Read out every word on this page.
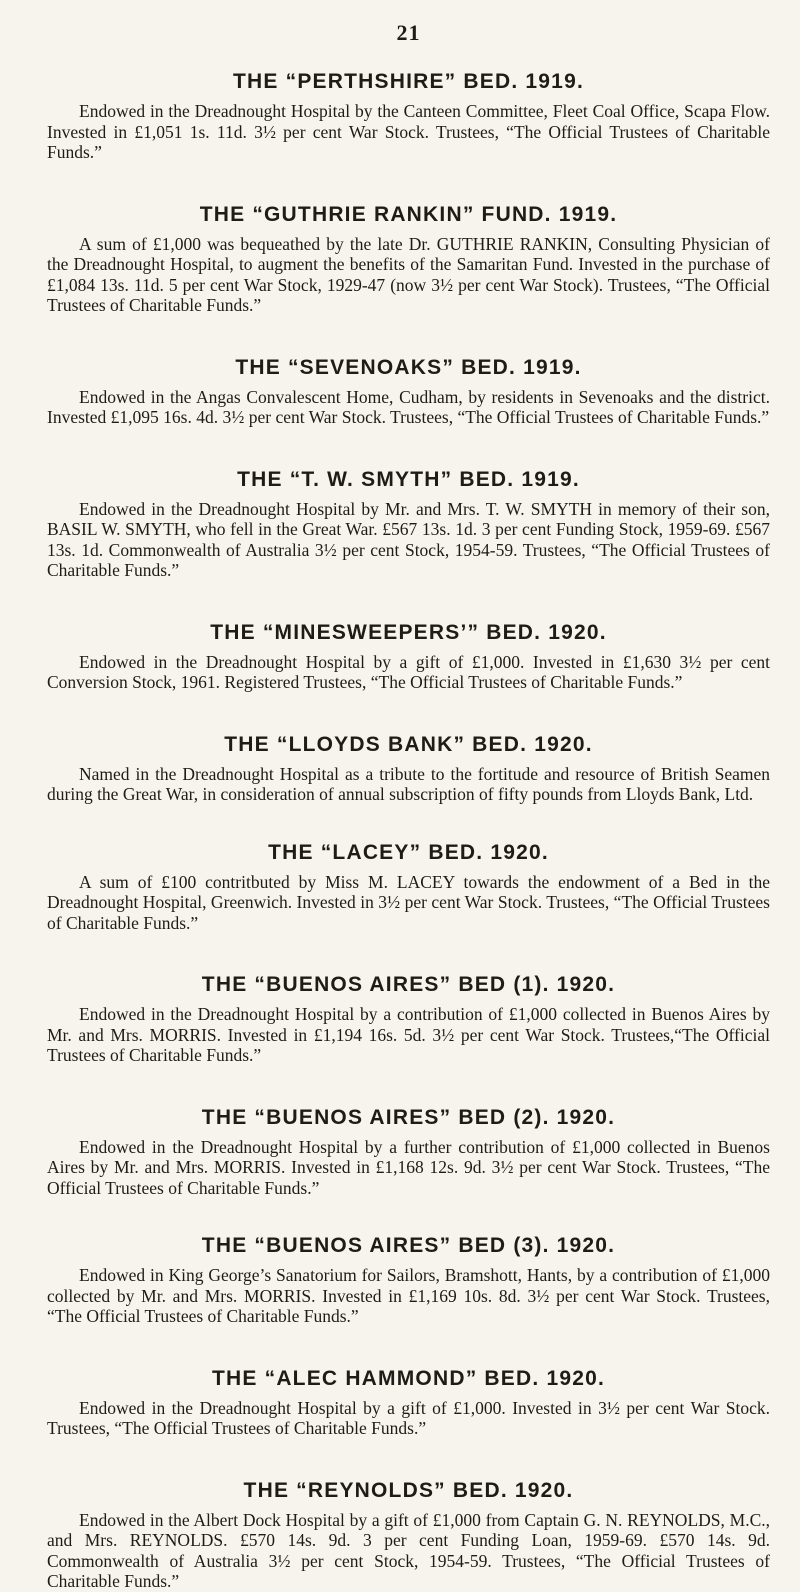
21
THE “PERTHSHIRE” BED. 1919.

Endowed in the Dreadnought Hospital by the Canteen Committee, Fleet Coal Office, Scapa Flow. Invested in £1,051 1s. 11d. 3½ per cent War Stock. Trustees, “The Official Trustees of Charitable Funds.”

THE “GUTHRIE RANKIN” FUND. 1919.

A sum of £1,000 was bequeathed by the late Dr. GUTHRIE RANKIN, Consulting Physician of the Dreadnought Hospital, to augment the benefits of the Samaritan Fund. Invested in the purchase of £1,084 13s. 11d. 5 per cent War Stock, 1929-47 (now 3½ per cent War Stock). Trustees, “The Official Trustees of Charitable Funds.”

THE “SEVENOAKS” BED. 1919.

Endowed in the Angas Convalescent Home, Cudham, by residents in Sevenoaks and the district. Invested £1,095 16s. 4d. 3½ per cent War Stock. Trustees, “The Official Trustees of Charitable Funds.”

THE “T. W. SMYTH” BED. 1919.

Endowed in the Dreadnought Hospital by Mr. and Mrs. T. W. SMYTH in memory of their son, BASIL W. SMYTH, who fell in the Great War. £567 13s. 1d. 3 per cent Funding Stock, 1959-69. £567 13s. 1d. Commonwealth of Australia 3½ per cent Stock, 1954-59. Trustees, “The Official Trustees of Charitable Funds.”

THE “MINESWEEPERS’” BED. 1920.

Endowed in the Dreadnought Hospital by a gift of £1,000. Invested in £1,630 3½ per cent Conversion Stock, 1961. Registered Trustees, “The Official Trustees of Charitable Funds.”

THE “LLOYDS BANK” BED. 1920.

Named in the Dreadnought Hospital as a tribute to the fortitude and resource of British Seamen during the Great War, in consideration of annual subscription of fifty pounds from Lloyds Bank, Ltd.

THE “LACEY” BED. 1920.

A sum of £100 contritbuted by Miss M. LACEY towards the endowment of a Bed in the Dreadnought Hospital, Greenwich. Invested in 3½ per cent War Stock. Trustees, “The Official Trustees of Charitable Funds.”

THE “BUENOS AIRES” BED (1). 1920.

Endowed in the Dreadnought Hospital by a contribution of £1,000 collected in Buenos Aires by Mr. and Mrs. MORRIS. Invested in £1,194 16s. 5d. 3½ per cent War Stock. Trustees,“The Official Trustees of Charitable Funds.”

THE “BUENOS AIRES” BED (2). 1920.

Endowed in the Dreadnought Hospital by a further contribution of £1,000 collected in Buenos Aires by Mr. and Mrs. MORRIS. Invested in £1,168 12s. 9d. 3½ per cent War Stock. Trustees, “The Official Trustees of Charitable Funds.”

THE “BUENOS AIRES” BED (3). 1920.

Endowed in King George’s Sanatorium for Sailors, Bramshott, Hants, by a contribution of £1,000 collected by Mr. and Mrs. MORRIS. Invested in £1,169 10s. 8d. 3½ per cent War Stock. Trustees, “The Official Trustees of Charitable Funds.”

THE “ALEC HAMMOND” BED. 1920.

Endowed in the Dreadnought Hospital by a gift of £1,000. Invested in 3½ per cent War Stock. Trustees, “The Official Trustees of Charitable Funds.”

THE “REYNOLDS” BED. 1920.

Endowed in the Albert Dock Hospital by a gift of £1,000 from Captain G. N. REYNOLDS, M.C., and Mrs. REYNOLDS. £570 14s. 9d. 3 per cent Funding Loan, 1959-69. £570 14s. 9d. Commonwealth of Australia 3½ per cent Stock, 1954-59. Trustees, “The Official Trustees of Charitable Funds.”
